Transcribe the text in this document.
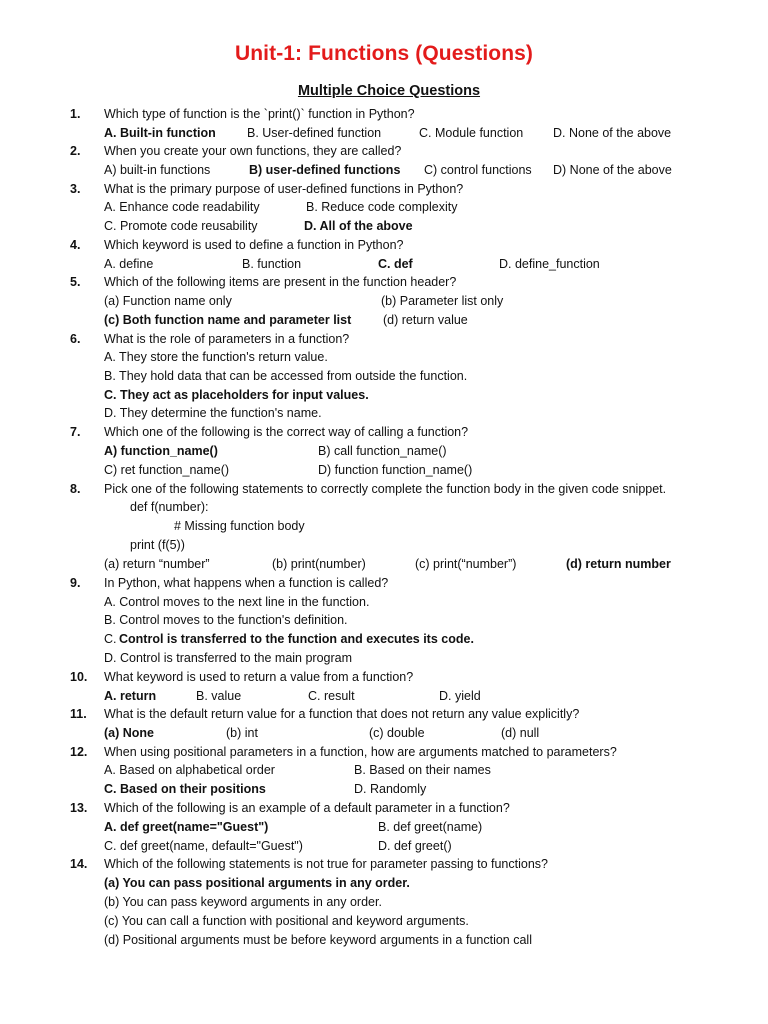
Unit-1: Functions (Questions)
Multiple Choice Questions
1. Which type of function is the `print()` function in Python?
A. Built-in function B. User-defined function	C. Module function D. None of the above
2. When you create your own functions, they are called?
A) built-in functions	B) user-defined functions C) control functions D) None of the above
3. What is the primary purpose of user-defined functions in Python?
A. Enhance code readability	B. Reduce code complexity
C. Promote code reusability	D. All of the above
4. Which keyword is used to define a function in Python?
A. define	B. function	C. def	D. define_function
5. Which of the following items are present in the function header?
(a) Function name only	(b) Parameter list only
(c) Both function name and parameter list	(d) return value
6. What is the role of parameters in a function?
A. They store the function's return value.
B. They hold data that can be accessed from outside the function.
C. They act as placeholders for input values.
D. They determine the function's name.
7. Which one of the following is the correct way of calling a function?
A) function_name()	B) call function_name()
C) ret function_name()	D) function function_name()
8. Pick one of the following statements to correctly complete the function body in the given code snippet.
def f(number):
# Missing function body
print (f(5))
(a) return “number”	(b) print(number)	(c) print(“number”)	(d) return number
9. In Python, what happens when a function is called?
A. Control moves to the next line in the function.
B. Control moves to the function's definition.
C. Control is transferred to the function and executes its code.
D. Control is transferred to the main program
10. What keyword is used to return a value from a function?
A. return	B. value	C. result	D. yield
11. What is the default return value for a function that does not return any value explicitly?
(a) None	(b) int	(c) double	(d) null
12. When using positional parameters in a function, how are arguments matched to parameters?
A. Based on alphabetical order	B. Based on their names
C. Based on their positions	D. Randomly
13. Which of the following is an example of a default parameter in a function?
A. def greet(name="Guest")	B. def greet(name)
C. def greet(name, default="Guest")	D. def greet()
14. Which of the following statements is not true for parameter passing to functions?
(a) You can pass positional arguments in any order.
(b) You can pass keyword arguments in any order.
(c) You can call a function with positional and keyword arguments.
(d) Positional arguments must be before keyword arguments in a function call
